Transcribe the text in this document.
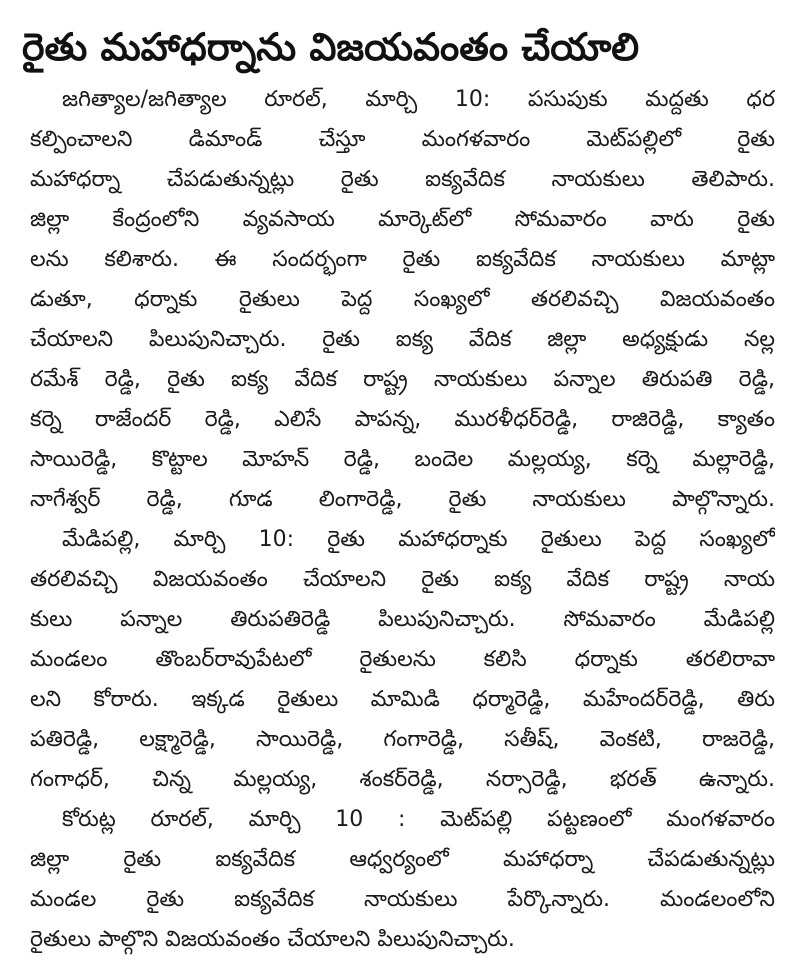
రైతు మహాధర్నాను విజయవంతం చేయాలి
జగిత్యాల/జగిత్యాల రూరల్, మార్చి 10: పసుపుకు మద్దతు ధర
కల్పించాలని డిమాండ్ చేస్తూ మంగళవారం మెట్‌పల్లిలో రైతు
మహాధర్నా చేపడుతున్నట్లు రైతు ఐక్యవేదిక నాయకులు తెలిపారు.
జిల్లా కేంద్రంలోని వ్యవసాయ మార్కెట్‌లో సోమవారం వారు రైతు
లను కలిశారు. ఈ సందర్భంగా రైతు ఐక్యవేదిక నాయకులు మాట్లా
డుతూ, ధర్నాకు రైతులు పెద్ద సంఖ్యలో తరలివచ్చి విజయవంతం
చేయాలని పిలుపునిచ్చారు. రైతు ఐక్య వేదిక జిల్లా అధ్యక్షుడు నల్ల
రమేశ్ రెడ్డి, రైతు ఐక్య వేదిక రాష్ట్ర నాయకులు పన్నాల తిరుపతి రెడ్డి,
కర్నె రాజేందర్ రెడ్డి, ఎలిసే పాపన్న, మురళీధర్‌రెడ్డి, రాజిరెడ్డి, క్యాతం
సాయిరెడ్డి, కొట్టాల మోహన్ రెడ్డి, బందెల మల్లయ్య, కర్నె మల్లారెడ్డి,
నాగేశ్వర్ రెడ్డి, గూడ లింగారెడ్డి, రైతు నాయకులు పాల్గొన్నారు.
మేడిపల్లి, మార్చి 10: రైతు మహాధర్నాకు రైతులు పెద్ద సంఖ్యలో
తరలివచ్చి విజయవంతం చేయాలని రైతు ఐక్య వేదిక రాష్ట్ర నాయ
కులు పన్నాల తిరుపతిరెడ్డి పిలుపునిచ్చారు. సోమవారం మేడిపల్లి
మండలం తొంబర్‌రావుపేటలో రైతులను కలిసి ధర్నాకు తరలిరావా
లని కోరారు. ఇక్కడ రైతులు మామిడి ధర్మారెడ్డి, మహేందర్‌రెడ్డి, తిరు
పతిరెడ్డి, లక్ష్మారెడ్డి, సాయిరెడ్డి, గంగారెడ్డి, సతీష్, వెంకటి, రాజరెడ్డి,
గంగాధర్, చిన్న మల్లయ్య, శంకర్‌రెడ్డి, నర్సారెడ్డి, భరత్ ఉన్నారు.
కోరుట్ల రూరల్, మార్చి 10 : మెట్‌పల్లి పట్టణంలో మంగళవారం
జిల్లా రైతు ఐక్యవేదిక ఆధ్వర్యంలో మహాధర్నా చేపడుతున్నట్లు
మండల రైతు ఐక్యవేదిక నాయకులు పేర్కొన్నారు. మండలంలోని
రైతులు పాల్గొని విజయవంతం చేయాలని పిలుపునిచ్చారు.
